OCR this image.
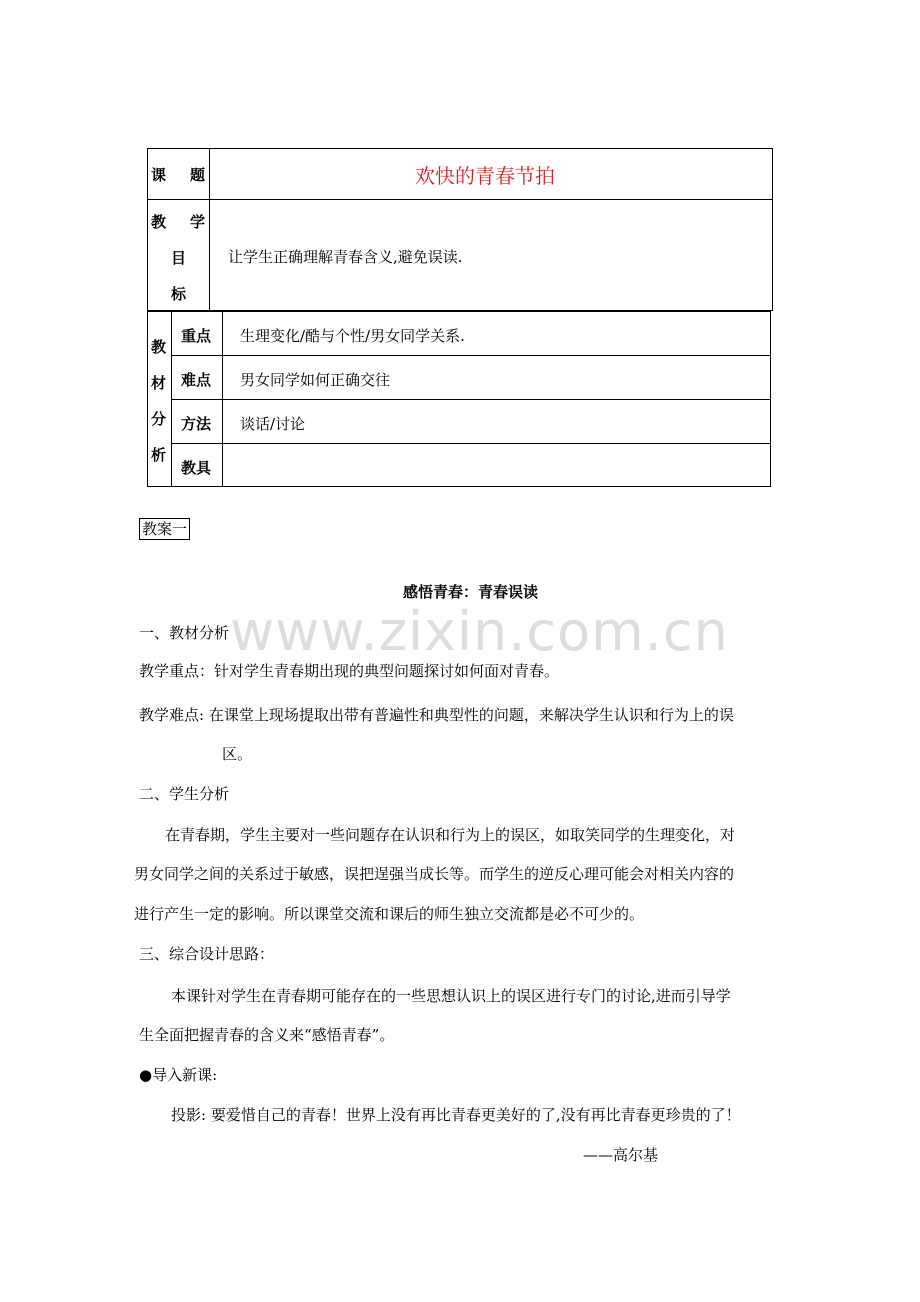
课 题	欢快的青春节拍
教 学
目
标
让学生正确理解青春含义,避免误读.
教
材
分
析
重点 生理变化/酷与个性/男女同学关系.
难点 男女同学如何正确交往
方法 谈话/讨论
教具
教案一
www.zixin.com.cn
感悟青春：青春误读
一、教材分析
教学重点：针对学生青春期出现的典型问题探讨如何面对青春。
教学难点: 在课堂上现场提取出带有普遍性和典型性的问题，来解决学生认识和行为上的误
区。
二、学生分析
在青春期，学生主要对一些问题存在认识和行为上的误区，如取笑同学的生理变化，对
男女同学之间的关系过于敏感，误把逞强当成长等。而学生的逆反心理可能会对相关内容的
进行产生一定的影响。所以课堂交流和课后的师生独立交流都是必不可少的。
三、综合设计思路：
本课针对学生在青春期可能存在的一些思想认识上的误区进行专门的讨论,进而引导学
生全面把握青春的含义来“感悟青春”。
●导入新课:
投影: 要爱惜自己的青春！世界上没有再比青春更美好的了,没有再比青春更珍贵的了！
——高尔基
